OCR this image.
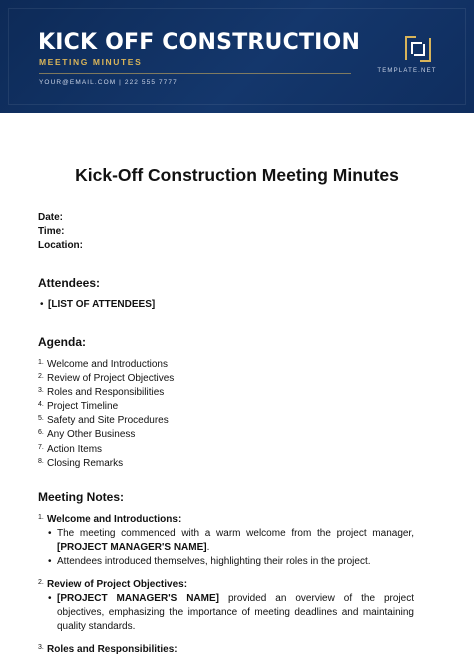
KICK OFF CONSTRUCTION
MEETING MINUTES
YOUR@EMAIL.COM | 222 555 7777
TEMPLATE.NET
Kick-Off Construction Meeting Minutes
Date:
Time:
Location:
Attendees:
• [LIST OF ATTENDEES]
Agenda:
1. Welcome and Introductions
2. Review of Project Objectives
3. Roles and Responsibilities
4. Project Timeline
5. Safety and Site Procedures
6. Any Other Business
7. Action Items
8. Closing Remarks
Meeting Notes:
1. Welcome and Introductions:
• The meeting commenced with a warm welcome from the project manager, [PROJECT MANAGER'S NAME].
• Attendees introduced themselves, highlighting their roles in the project.
2. Review of Project Objectives:
• [PROJECT MANAGER'S NAME] provided an overview of the project objectives, emphasizing the importance of meeting deadlines and maintaining quality standards.
3. Roles and Responsibilities:
